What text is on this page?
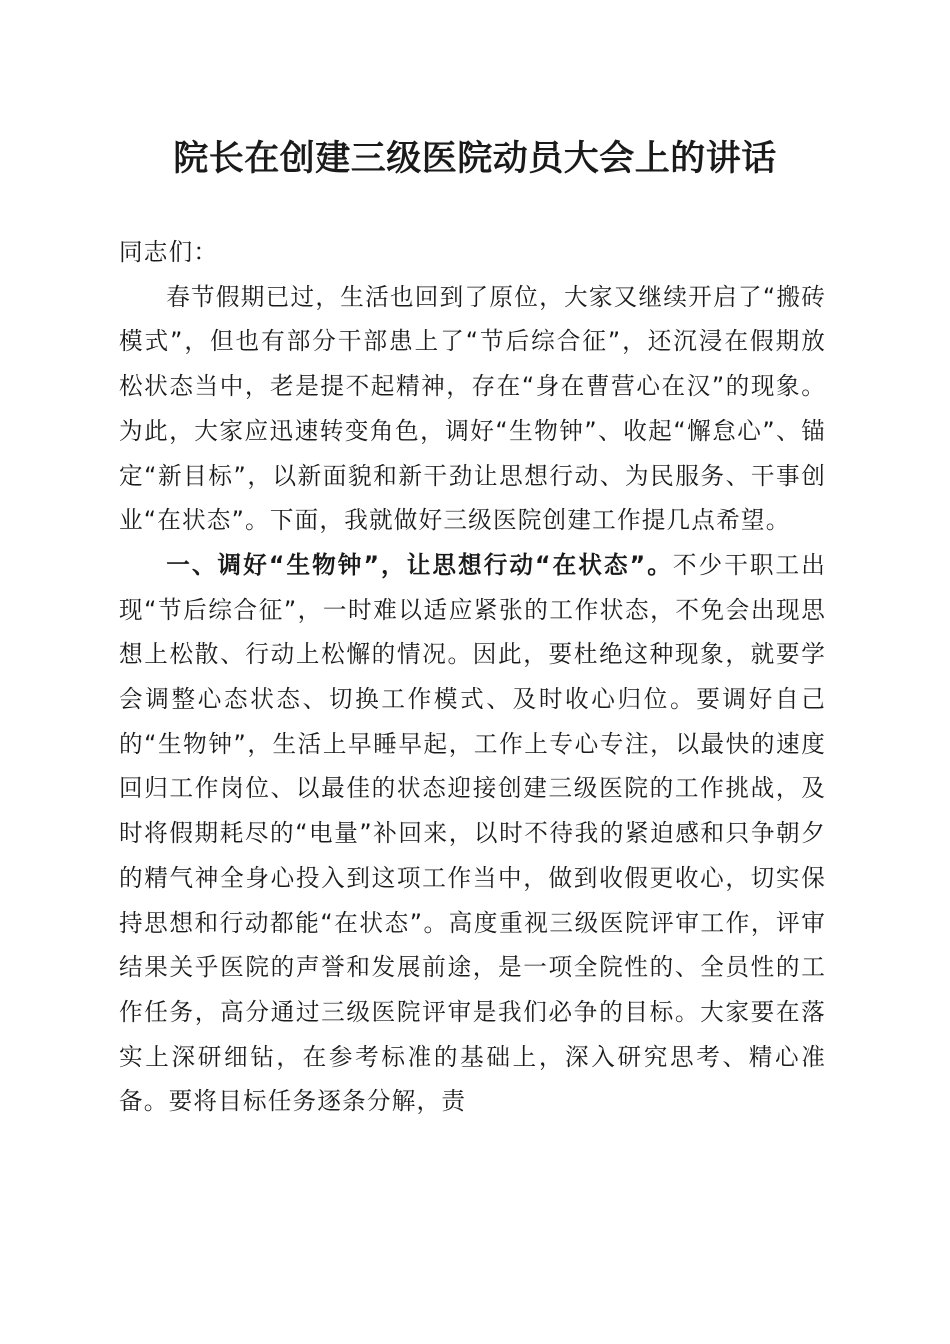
院长在创建三级医院动员大会上的讲话

同志们：

春节假期已过，生活也回到了原位，大家又继续开启了“搬砖模式”，但也有部分干部患上了“节后综合征”，还沉浸在假期放松状态当中，老是提不起精神，存在“身在曹营心在汉”的现象。为此，大家应迅速转变角色，调好“生物钟”、收起“懈怠心”、锚定“新目标”，以新面貌和新干劲让思想行动、为民服务、干事创业“在状态”。下面，我就做好三级医院创建工作提几点希望。

一、调好“生物钟”，让思想行动“在状态”。不少干职工出现“节后综合征”，一时难以适应紧张的工作状态，不免会出现思想上松散、行动上松懈的情况。因此，要杜绝这种现象，就要学会调整心态状态、切换工作模式、及时收心归位。要调好自己的“生物钟”，生活上早睡早起，工作上专心专注，以最快的速度回归工作岗位、以最佳的状态迎接创建三级医院的工作挑战，及时将假期耗尽的“电量”补回来，以时不待我的紧迫感和只争朝夕的精气神全身心投入到这项工作当中，做到收假更收心，切实保持思想和行动都能“在状态”。高度重视三级医院评审工作，评审结果关乎医院的声誉和发展前途，是一项全院性的、全员性的工作任务，高分通过三级医院评审是我们必争的目标。大家要在落实上深研细钻，在参考标准的基础上，深入研究思考、精心准备。要将目标任务逐条分解，责
